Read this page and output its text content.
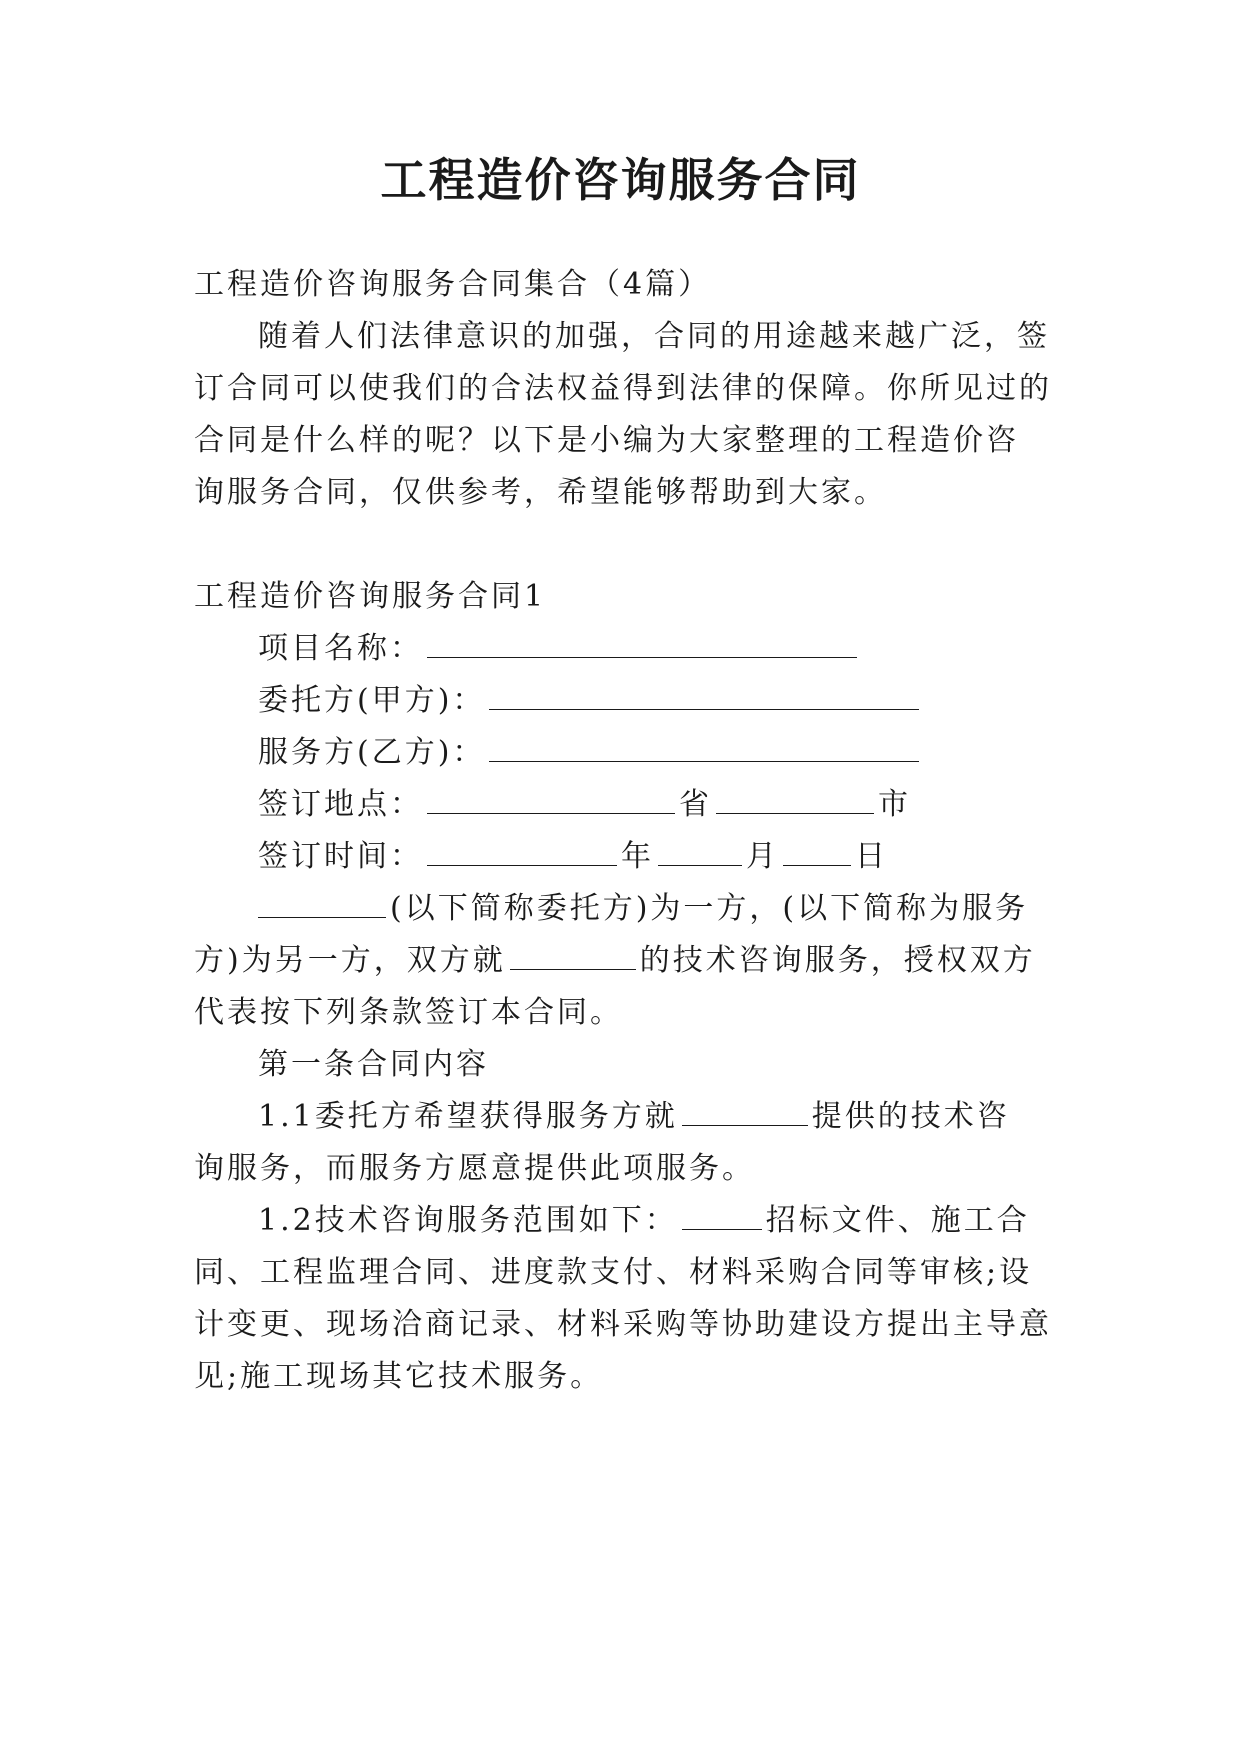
工程造价咨询服务合同
工程造价咨询服务合同集合（4篇）
随着人们法律意识的加强，合同的用途越来越广泛，签
订合同可以使我们的合法权益得到法律的保障。你所见过的
合同是什么样的呢？以下是小编为大家整理的工程造价咨
询服务合同，仅供参考，希望能够帮助到大家。
工程造价咨询服务合同1
项目名称：
委托方(甲方)：
服务方(乙方)：
签订地点：	省	市
签订时间：	年	月	日
(以下简称委托方)为一方，(以下简称为服务
方)为另一方，双方就	的技术咨询服务，授权双方
代表按下列条款签订本合同。
第一条合同内容
1.1委托方希望获得服务方就	提供的技术咨
询服务，而服务方愿意提供此项服务。
1.2技术咨询服务范围如下：	招标文件、施工合
同、工程监理合同、进度款支付、材料采购合同等审核;设
计变更、现场洽商记录、材料采购等协助建设方提出主导意
见;施工现场其它技术服务。
